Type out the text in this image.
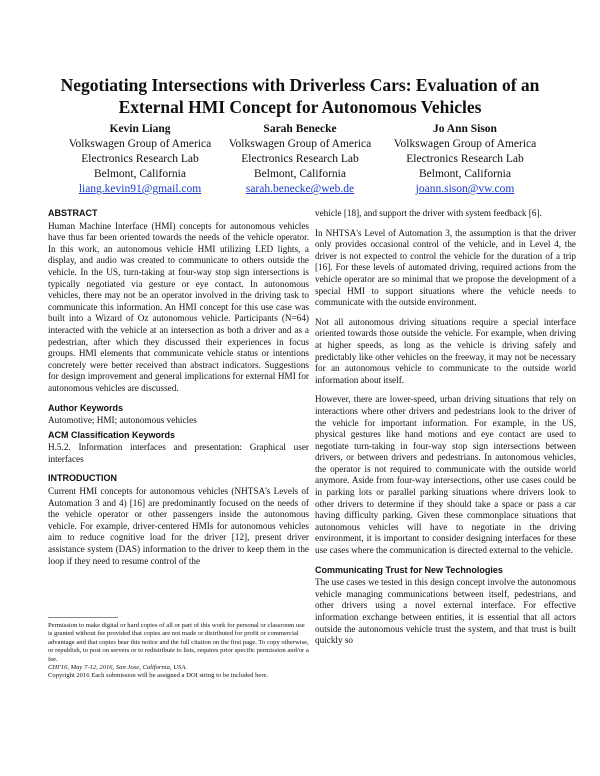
Negotiating Intersections with Driverless Cars: Evaluation of an External HMI Concept for Autonomous Vehicles
Kevin Liang
Volkswagen Group of America
Electronics Research Lab
Belmont, California
liang.kevin91@gmail.com
Sarah Benecke
Volkswagen Group of America
Electronics Research Lab
Belmont, California
sarah.benecke@web.de
Jo Ann Sison
Volkswagen Group of America
Electronics Research Lab
Belmont, California
joann.sison@vw.com
ABSTRACT

Human Machine Interface (HMI) concepts for autonomous vehicles have thus far been oriented towards the needs of the vehicle operator. In this work, an autonomous vehicle HMI utilizing LED lights, a display, and audio was created to communicate to others outside the vehicle. In the US, turn-taking at four-way stop sign intersections is typically negotiated via gesture or eye contact. In autonomous vehicles, there may not be an operator involved in the driving task to communicate this information. An HMI concept for this use case was built into a Wizard of Oz autonomous vehicle. Participants (N=64) interacted with the vehicle at an intersection as both a driver and as a pedestrian, after which they discussed their experiences in focus groups. HMI elements that communicate vehicle status or intentions concretely were better received than abstract indicators. Suggestions for design improvement and general implications for external HMI for autonomous vehicles are discussed.

Author Keywords

Automotive; HMI; autonomous vehicles

ACM Classification Keywords

H.5.2. Information interfaces and presentation: Graphical user interfaces

INTRODUCTION

Current HMI concepts for autonomous vehicles (NHTSA's Levels of Automation 3 and 4) [16] are predominantly focused on the needs of the vehicle operator or other passengers inside the autonomous vehicle. For example, driver-centered HMIs for autonomous vehicles aim to reduce cognitive load for the driver [12], present driver assistance system (DAS) information to the driver to keep them in the loop if they need to resume control of the

Permission to make digital or hard copies of all or part of this work for personal or classroom use is granted without fee provided that copies are not made or distributed for profit or commercial advantage and that copies bear this notice and the full citation on the first page. To copy otherwise, or republish, to post on servers or to redistribute to lists, requires prior specific permission and/or a fee.

CHI'16, May 7-12, 2016, San Jose, California, USA.

Copyright 2016 Each submission will be assigned a DOI string to be included here.

vehicle [18], and support the driver with system feedback [6].

In NHTSA's Level of Automation 3, the assumption is that the driver only provides occasional control of the vehicle, and in Level 4, the driver is not expected to control the vehicle for the duration of a trip [16]. For these levels of automated driving, required actions from the vehicle operator are so minimal that we propose the development of a special HMI to support situations where the vehicle needs to communicate with the outside environment.

Not all autonomous driving situations require a special interface oriented towards those outside the vehicle. For example, when driving at higher speeds, as long as the vehicle is driving safely and predictably like other vehicles on the freeway, it may not be necessary for an autonomous vehicle to communicate to the outside world information about itself.

However, there are lower-speed, urban driving situations that rely on interactions where other drivers and pedestrians look to the driver of the vehicle for important information. For example, in the US, physical gestures like hand motions and eye contact are used to negotiate turn-taking in four-way stop sign intersections between drivers, or between drivers and pedestrians. In autonomous vehicles, the operator is not required to communicate with the outside world anymore. Aside from four-way intersections, other use cases could be in parking lots or parallel parking situations where drivers look to other drivers to determine if they should take a space or pass a car having difficulty parking. Given these commonplace situations that autonomous vehicles will have to negotiate in the driving environment, it is important to consider designing interfaces for these use cases where the communication is directed external to the vehicle.

Communicating Trust for New Technologies

The use cases we tested in this design concept involve the autonomous vehicle managing communications between itself, pedestrians, and other drivers using a novel external interface. For effective information exchange between entities, it is essential that all actors outside the autonomous vehicle trust the system, and that trust is built quickly so
